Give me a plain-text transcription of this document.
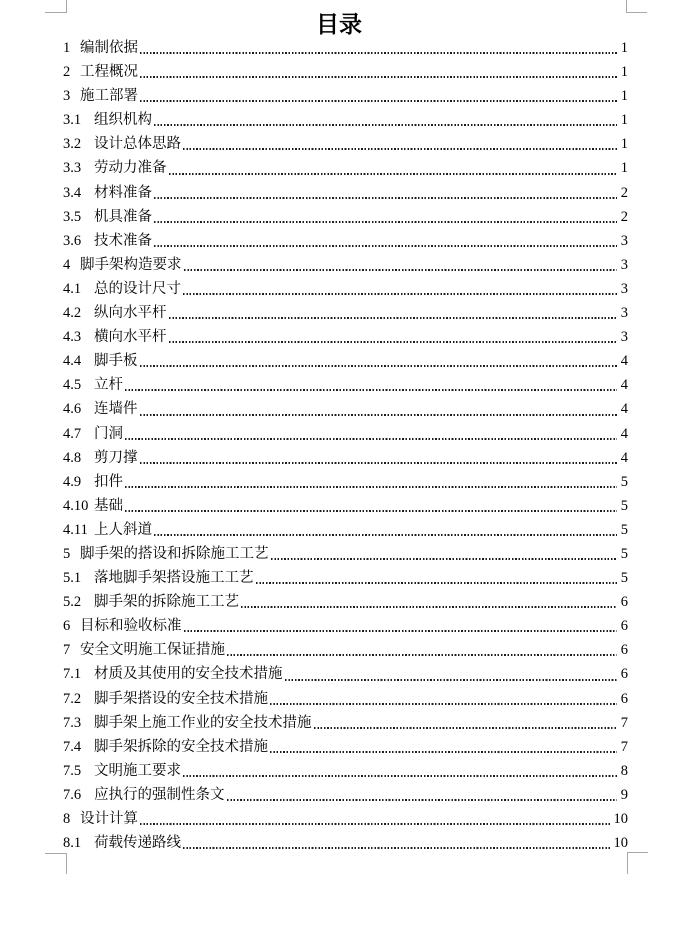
目录
1 编制依据	1
2 工程概况	1
3 施工部署	1
3.1 组织机构	1
3.2 设计总体思路	1
3.3 劳动力准备	1
3.4 材料准备	2
3.5 机具准备	2
3.6 技术准备	3
4 脚手架构造要求	3
4.1 总的设计尺寸	3
4.2 纵向水平杆	3
4.3 横向水平杆	3
4.4 脚手板	4
4.5 立杆	4
4.6 连墙件	4
4.7 门洞	4
4.8 剪刀撑	4
4.9 扣件	5
4.10 基础	5
4.11 上人斜道	5
5 脚手架的搭设和拆除施工工艺	5
5.1 落地脚手架搭设施工工艺	5
5.2 脚手架的拆除施工工艺	6
6 目标和验收标准	6
7 安全文明施工保证措施	6
7.1 材质及其使用的安全技术措施	6
7.2 脚手架搭设的安全技术措施	6
7.3 脚手架上施工作业的安全技术措施	7
7.4 脚手架拆除的安全技术措施	7
7.5 文明施工要求	8
7.6 应执行的强制性条文	9
8 设计计算	10
8.1 荷载传递路线	10
